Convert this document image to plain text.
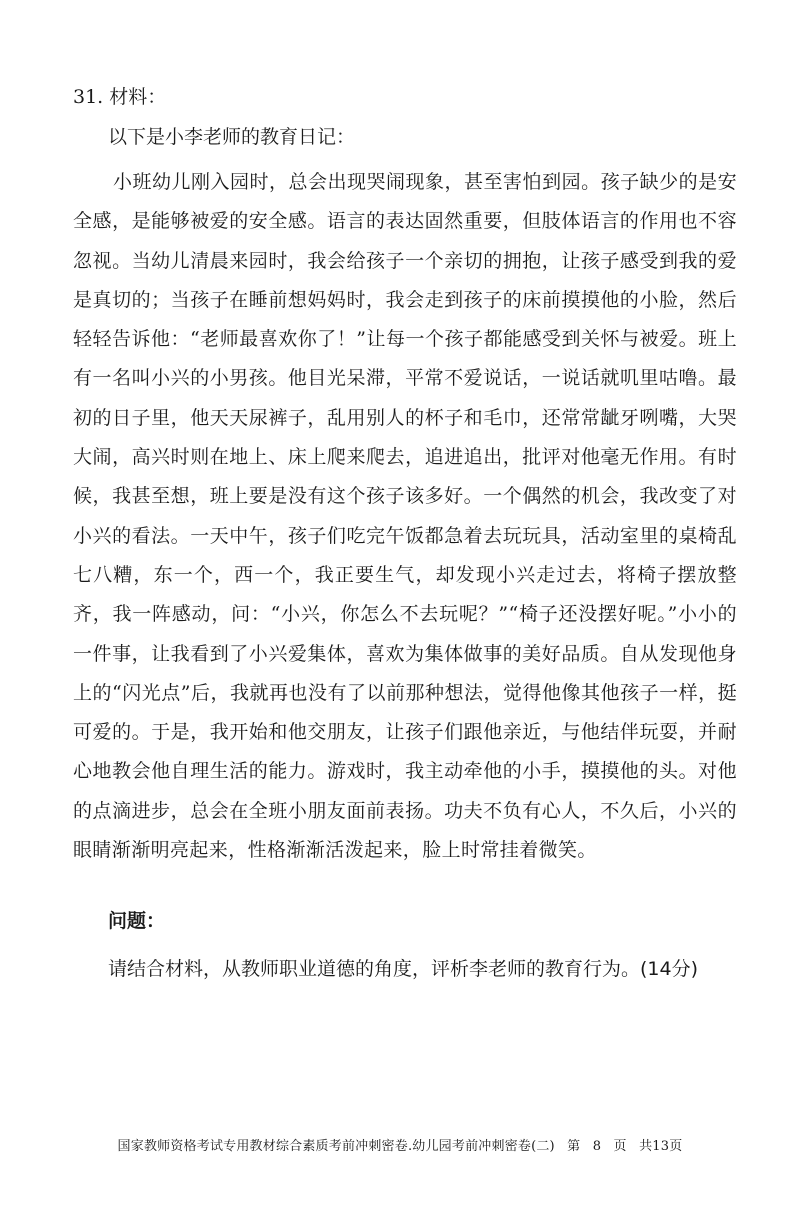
31. 材料：
以下是小李老师的教育日记：
小班幼儿刚入园时，总会出现哭闹现象，甚至害怕到园。孩子缺少的是安全感，是能够被爱的安全感。语言的表达固然重要，但肢体语言的作用也不容忽视。当幼儿清晨来园时，我会给孩子一个亲切的拥抱，让孩子感受到我的爱是真切的；当孩子在睡前想妈妈时，我会走到孩子的床前摸摸他的小脸，然后轻轻告诉他：“老师最喜欢你了！”让每一个孩子都能感受到关怀与被爱。班上有一名叫小兴的小男孩。他目光呆滞，平常不爱说话，一说话就叽里咕噜。最初的日子里，他天天尿裤子，乱用别人的杯子和毛巾，还常常龇牙咧嘴，大哭大闹，高兴时则在地上、床上爬来爬去，追进追出，批评对他毫无作用。有时候，我甚至想，班上要是没有这个孩子该多好。一个偶然的机会，我改变了对小兴的看法。一天中午，孩子们吃完午饭都急着去玩玩具，活动室里的桌椅乱七八糟，东一个，西一个，我正要生气，却发现小兴走过去，将椅子摆放整齐，我一阵感动，问：“小兴，你怎么不去玩呢？”“椅子还没摆好呢。”小小的一件事，让我看到了小兴爱集体，喜欢为集体做事的美好品质。自从发现他身上的“闪光点”后，我就再也没有了以前那种想法，觉得他像其他孩子一样，挺可爱的。于是，我开始和他交朋友，让孩子们跟他亲近，与他结伴玩耍，并耐心地教会他自理生活的能力。游戏时，我主动牵他的小手，摸摸他的头。对他的点滴进步，总会在全班小朋友面前表扬。功夫不负有心人，不久后，小兴的眼睛渐渐明亮起来，性格渐渐活泼起来，脸上时常挂着微笑。
问题：
请结合材料，从教师职业道德的角度，评析李老师的教育行为。(14分)
国家教师资格考试专用教材综合素质考前冲刺密卷.幼儿园考前冲刺密卷(二) 第 8 页 共13页
